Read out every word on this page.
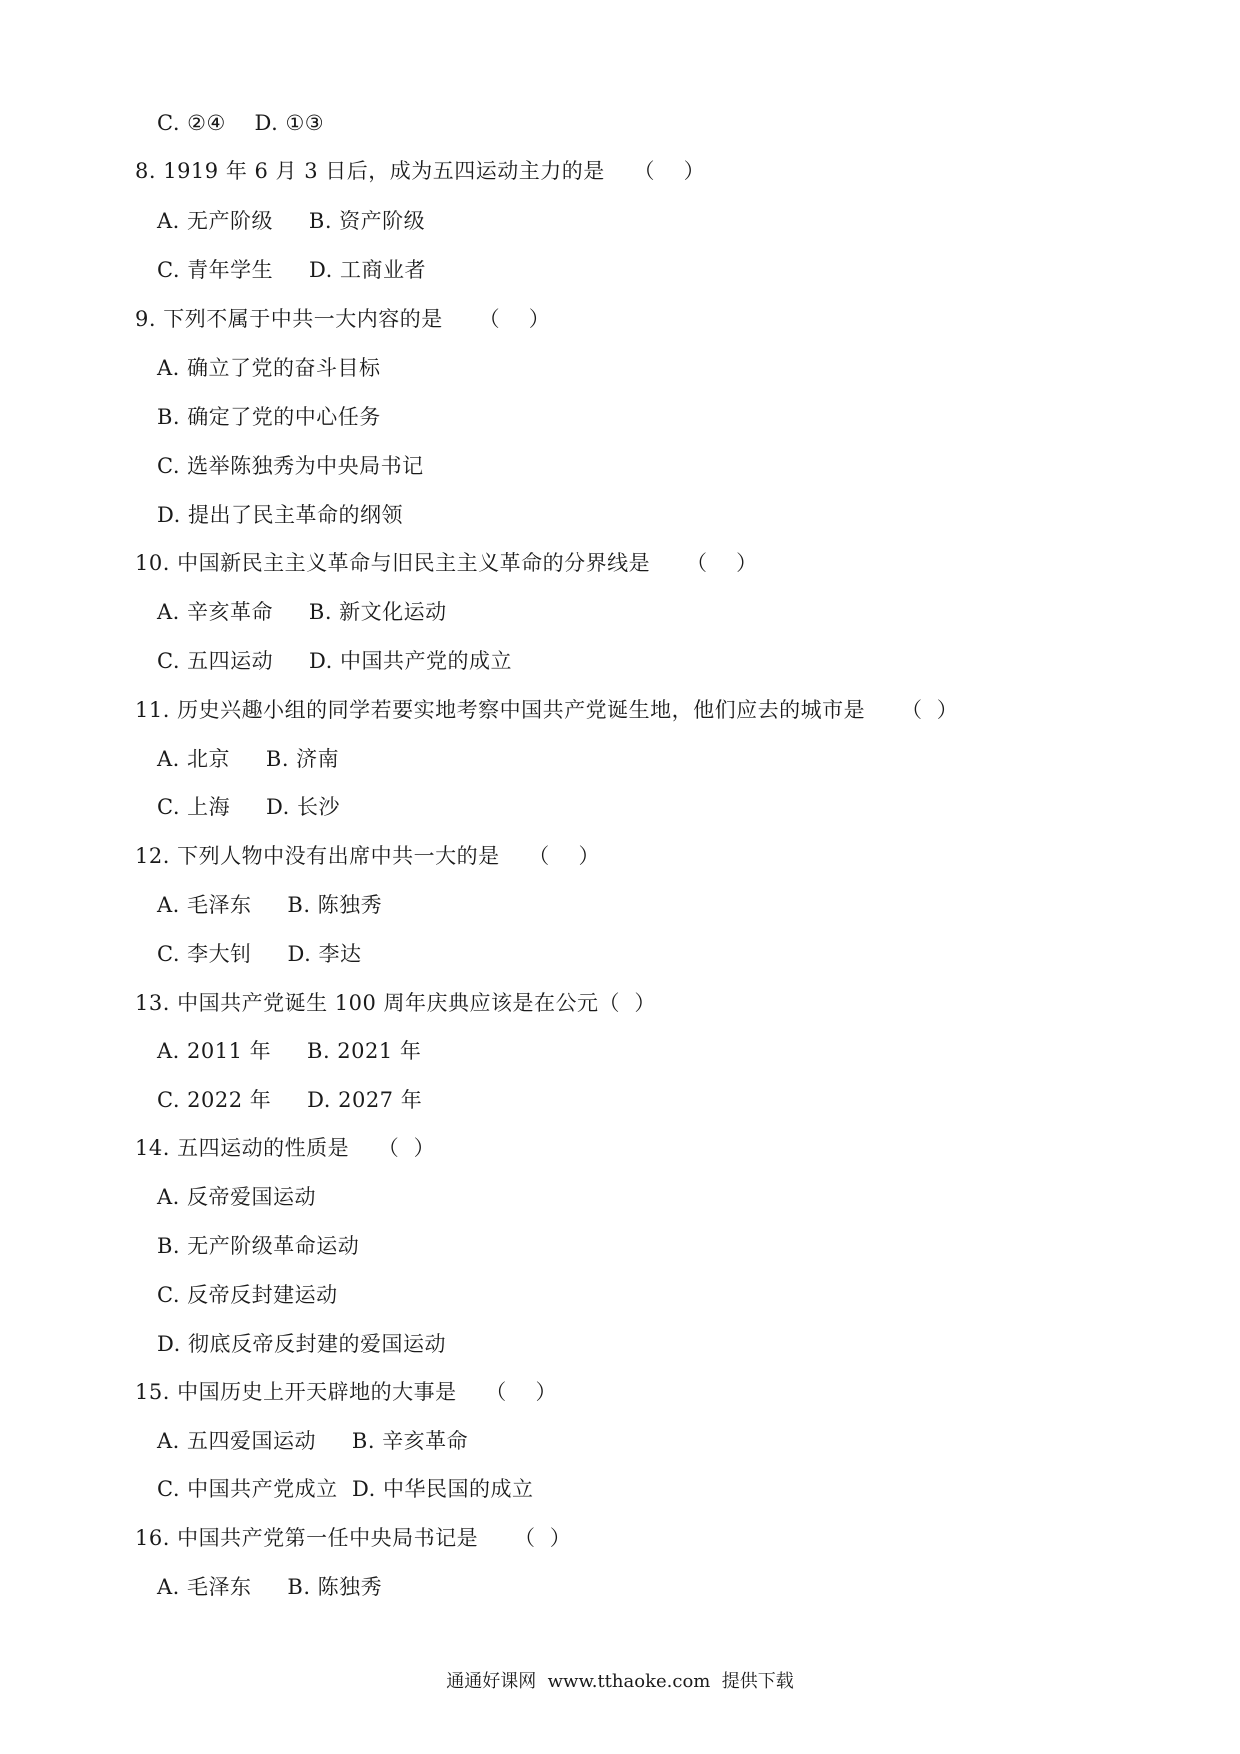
C. ②④    D. ①③
8. 1919 年 6 月 3 日后，成为五四运动主力的是    （    ）
A. 无产阶级     B. 资产阶级
C. 青年学生     D. 工商业者
9. 下列不属于中共一大内容的是     （    ）
A. 确立了党的奋斗目标
B. 确定了党的中心任务
C. 选举陈独秀为中央局书记
D. 提出了民主革命的纲领
10. 中国新民主主义革命与旧民主主义革命的分界线是     （    ）
A. 辛亥革命     B. 新文化运动
C. 五四运动     D. 中国共产党的成立
11. 历史兴趣小组的同学若要实地考察中国共产党诞生地，他们应去的城市是     （  ）
A. 北京     B. 济南
C. 上海     D. 长沙
12. 下列人物中没有出席中共一大的是    （    ）
A. 毛泽东     B. 陈独秀
C. 李大钊     D. 李达
13. 中国共产党诞生 100 周年庆典应该是在公元（  ）
A. 2011 年     B. 2021 年
C. 2022 年     D. 2027 年
14. 五四运动的性质是    （  ）
A. 反帝爱国运动
B. 无产阶级革命运动
C. 反帝反封建运动
D. 彻底反帝反封建的爱国运动
15. 中国历史上开天辟地的大事是    （    ）
A. 五四爱国运动     B. 辛亥革命
C. 中国共产党成立  D. 中华民国的成立
16. 中国共产党第一任中央局书记是     （  ）
A. 毛泽东     B. 陈独秀
通通好课网  www.tthaoke.com  提供下载
